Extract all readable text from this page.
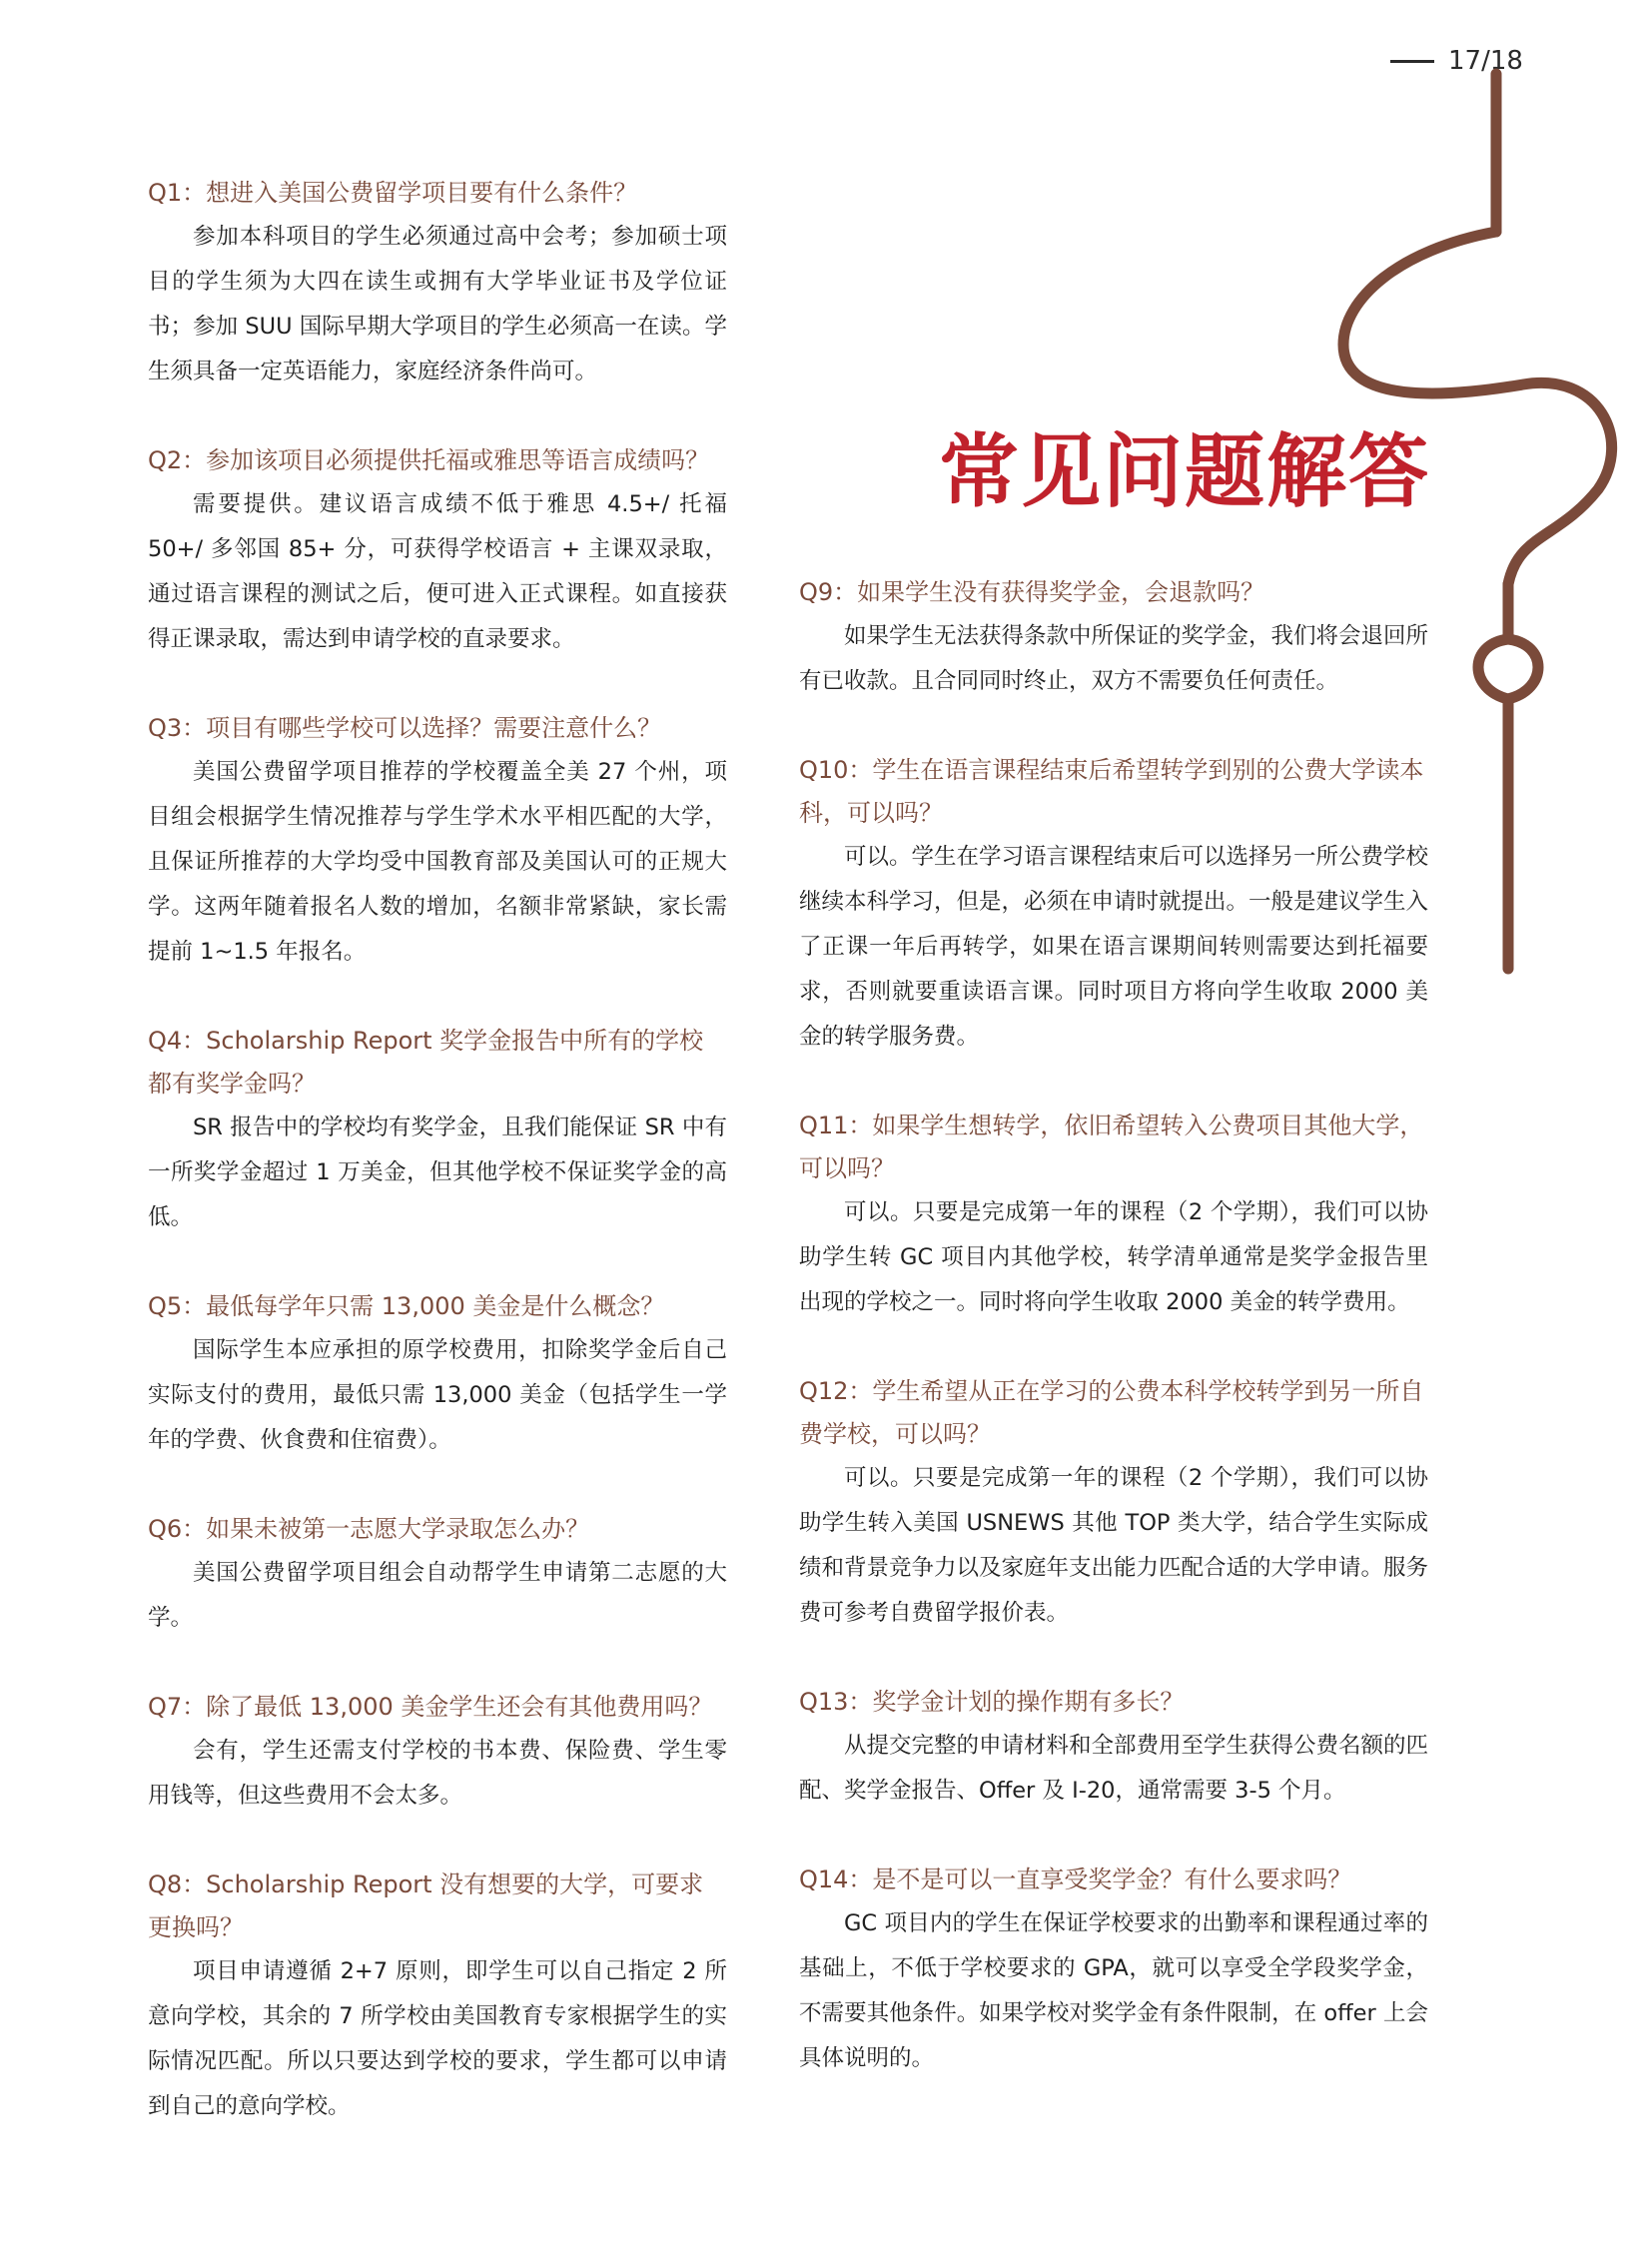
17/18
常见问题解答

Q1：想进入美国公费留学项目要有什么条件？

参加本科项目的学生必须通过高中会考；参加硕士项目的学生须为大四在读生或拥有大学毕业证书及学位证书；参加 SUU 国际早期大学项目的学生必须高一在读。学生须具备一定英语能力，家庭经济条件尚可。

Q2：参加该项目必须提供托福或雅思等语言成绩吗？

需要提供。建议语言成绩不低于雅思 4.5+/ 托福 50+/ 多邻国 85+ 分，可获得学校语言 + 主课双录取，通过语言课程的测试之后，便可进入正式课程。如直接获得正课录取，需达到申请学校的直录要求。

Q3：项目有哪些学校可以选择？需要注意什么？

美国公费留学项目推荐的学校覆盖全美 27 个州，项目组会根据学生情况推荐与学生学术水平相匹配的大学，且保证所推荐的大学均受中国教育部及美国认可的正规大学。这两年随着报名人数的增加，名额非常紧缺，家长需提前 1~1.5 年报名。

Q4：Scholarship Report 奖学金报告中所有的学校都有奖学金吗？

SR 报告中的学校均有奖学金，且我们能保证 SR 中有一所奖学金超过 1 万美金，但其他学校不保证奖学金的高低。

Q5：最低每学年只需 13,000 美金是什么概念？

国际学生本应承担的原学校费用，扣除奖学金后自己实际支付的费用，最低只需 13,000 美金（包括学生一学年的学费、伙食费和住宿费）。

Q6：如果未被第一志愿大学录取怎么办？

美国公费留学项目组会自动帮学生申请第二志愿的大学。

Q7：除了最低 13,000 美金学生还会有其他费用吗？

会有，学生还需支付学校的书本费、保险费、学生零用钱等，但这些费用不会太多。

Q8：Scholarship Report 没有想要的大学，可要求更换吗？

项目申请遵循 2+7 原则，即学生可以自己指定 2 所意向学校，其余的 7 所学校由美国教育专家根据学生的实际情况匹配。所以只要达到学校的要求，学生都可以申请到自己的意向学校。

Q9：如果学生没有获得奖学金，会退款吗？

如果学生无法获得条款中所保证的奖学金，我们将会退回所有已收款。且合同同时终止，双方不需要负任何责任。

Q10：学生在语言课程结束后希望转学到别的公费大学读本科，可以吗？

可以。学生在学习语言课程结束后可以选择另一所公费学校继续本科学习，但是，必须在申请时就提出。一般是建议学生入了正课一年后再转学，如果在语言课期间转则需要达到托福要求，否则就要重读语言课。同时项目方将向学生收取 2000 美金的转学服务费。

Q11：如果学生想转学，依旧希望转入公费项目其他大学，可以吗？

可以。只要是完成第一年的课程（2 个学期），我们可以协助学生转 GC 项目内其他学校，转学清单通常是奖学金报告里出现的学校之一。同时将向学生收取 2000 美金的转学费用。

Q12：学生希望从正在学习的公费本科学校转学到另一所自费学校，可以吗？

可以。只要是完成第一年的课程（2 个学期），我们可以协助学生转入美国 USNEWS 其他 TOP 类大学，结合学生实际成绩和背景竞争力以及家庭年支出能力匹配合适的大学申请。服务费可参考自费留学报价表。

Q13：奖学金计划的操作期有多长？

从提交完整的申请材料和全部费用至学生获得公费名额的匹配、奖学金报告、Offer 及 I-20，通常需要 3-5 个月。

Q14：是不是可以一直享受奖学金？有什么要求吗？

GC 项目内的学生在保证学校要求的出勤率和课程通过率的基础上，不低于学校要求的 GPA，就可以享受全学段奖学金，不需要其他条件。如果学校对奖学金有条件限制，在 offer 上会具体说明的。
